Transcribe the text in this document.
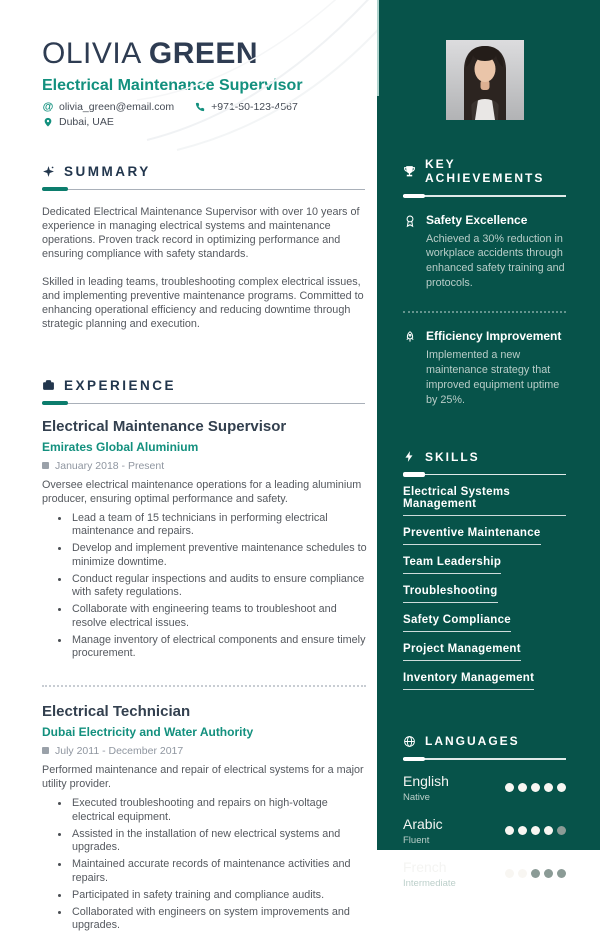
OLIVIA GREEN
Electrical Maintenance Supervisor
@ olivia_green@email.com	+971-50-123-4567
Dubai, UAE
SUMMARY

Dedicated Electrical Maintenance Supervisor with over 10 years of experience in managing electrical systems and maintenance operations. Proven track record in optimizing performance and ensuring compliance with safety standards.

Skilled in leading teams, troubleshooting complex electrical issues, and implementing preventive maintenance programs. Committed to enhancing operational efficiency and reducing downtime through strategic planning and execution.

EXPERIENCE
Electrical Maintenance Supervisor
Emirates Global Aluminium
January 2018 - Present
Oversee electrical maintenance operations for a leading aluminium producer, ensuring optimal performance and safety.
• Lead a team of 15 technicians in performing electrical maintenance and repairs.
• Develop and implement preventive maintenance schedules to minimize downtime.
• Conduct regular inspections and audits to ensure compliance with safety regulations.
• Collaborate with engineering teams to troubleshoot and resolve electrical issues.
• Manage inventory of electrical components and ensure timely procurement.
Electrical Technician
Dubai Electricity and Water Authority
July 2011 - December 2017
Performed maintenance and repair of electrical systems for a major utility provider.
• Executed troubleshooting and repairs on high-voltage electrical equipment.
• Assisted in the installation of new electrical systems and upgrades.
• Maintained accurate records of maintenance activities and repairs.
• Participated in safety training and compliance audits.
• Collaborated with engineers on system improvements and upgrades.
KEY ACHIEVEMENTS
Safety Excellence
Achieved a 30% reduction in workplace accidents through enhanced safety training and protocols.
Efficiency Improvement
Implemented a new maintenance strategy that improved equipment uptime by 25%.
SKILLS
Electrical Systems Management
Preventive Maintenance
Team Leadership
Troubleshooting
Safety Compliance
Project Management
Inventory Management
LANGUAGES
English
Native
Arabic
Fluent
French
Intermediate
